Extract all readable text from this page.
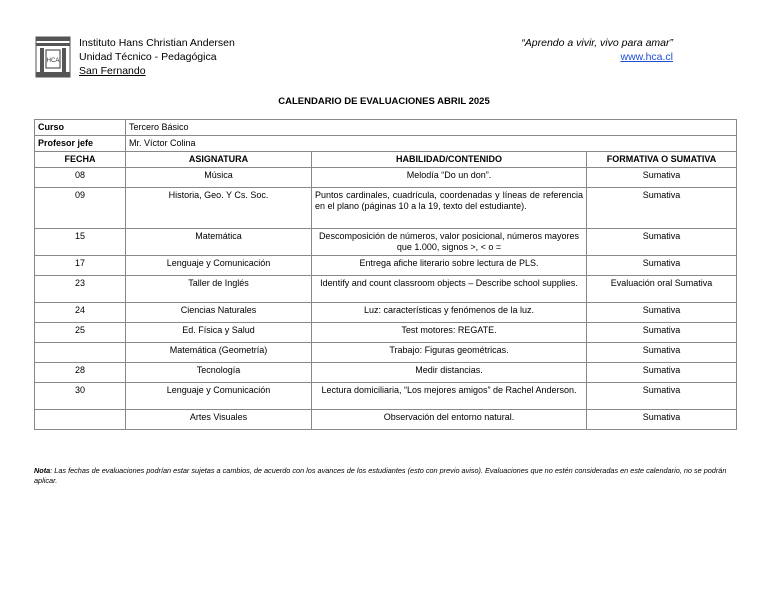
HCA
Instituto Hans Christian Andersen
Unidad Técnico - Pedagógica
San Fernando
“Aprendo a vivir, vivo para amar”
www.hca.cl
CALENDARIO DE EVALUACIONES ABRIL 2025
Curso	Tercero Básico		
Profesor jefe	Mr. Víctor Colina		
FECHA	ASIGNATURA	HABILIDAD/CONTENIDO	FORMATIVA O SUMATIVA
08	Música	Melodía “Do un don”.	Sumativa
09	Historia, Geo. Y Cs. Soc.	Puntos cardinales, cuadrícula, coordenadas y líneas de referencia en el plano (páginas 10 a la 19, texto del estudiante).	Sumativa
15	Matemática	Descomposición de números, valor posicional, números mayores que 1.000, signos >, < o =	Sumativa
17	Lenguaje y Comunicación	Entrega afiche literario sobre lectura de PLS.	Sumativa
23	Taller de Inglés	Identify and count classroom objects – Describe school supplies.	Evaluación oral Sumativa
24	Ciencias Naturales	Luz: características y fenómenos de la luz.	Sumativa
25	Ed. Física y Salud	Test motores: REGATE.	Sumativa
	Matemática (Geometría)	Trabajo: Figuras geométricas.	Sumativa
28	Tecnología	Medir distancias.	Sumativa
30	Lenguaje y Comunicación	Lectura domiciliaria, “Los mejores amigos” de Rachel Anderson.	Sumativa
	Artes Visuales	Observación del entorno natural.	Sumativa
Nota: Las fechas de evaluaciones podrían estar sujetas a cambios, de acuerdo con los avances de los estudiantes (esto con previo aviso). Evaluaciones que no estén consideradas en este calendario, no se podrán aplicar.
